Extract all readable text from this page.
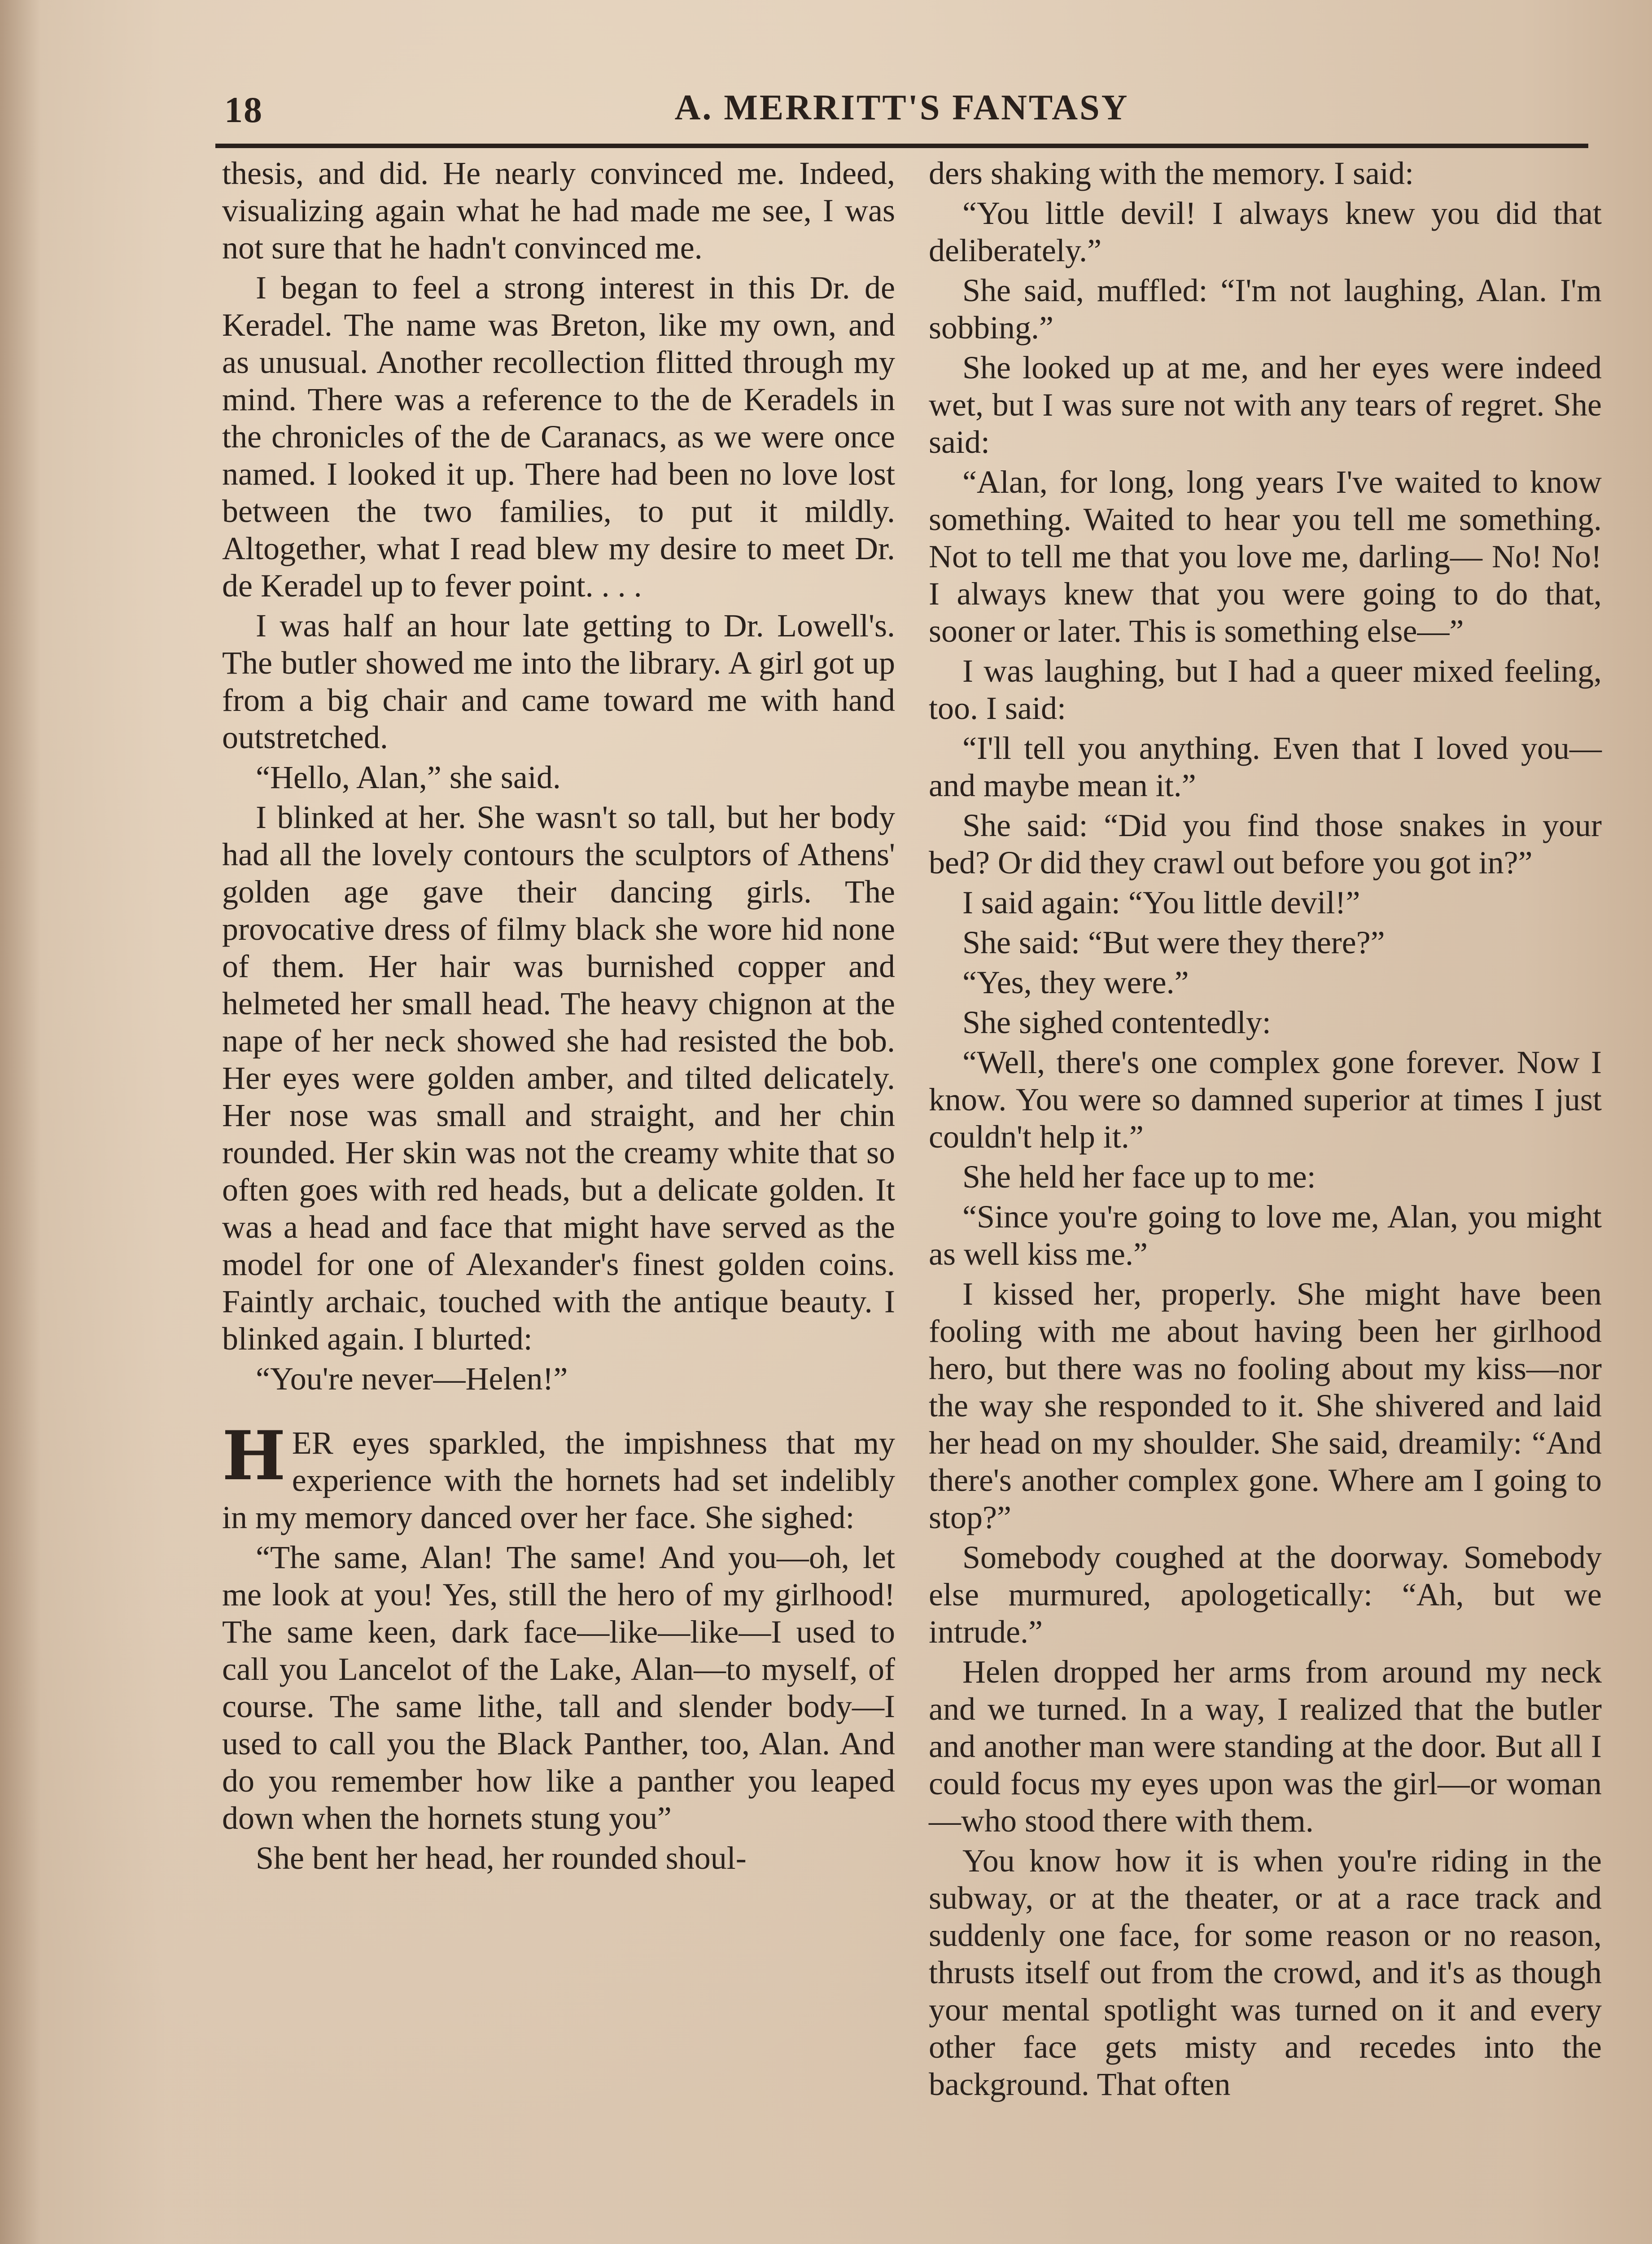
18	A. MERRITT'S FANTASY

thesis, and did. He nearly convinced me. Indeed, visualizing again what he had made me see, I was not sure that he hadn't convinced me.

I began to feel a strong interest in this Dr. de Keradel. The name was Breton, like my own, and as unusual. Another recollection flitted through my mind. There was a reference to the de Keradels in the chronicles of the de Caranacs, as we were once named. I looked it up. There had been no love lost between the two families, to put it mildly. Altogether, what I read blew my desire to meet Dr. de Keradel up to fever point. . . .

I was half an hour late getting to Dr. Lowell's. The butler showed me into the library. A girl got up from a big chair and came toward me with hand outstretched.

“Hello, Alan,” she said.

I blinked at her. She wasn't so tall, but her body had all the lovely contours the sculptors of Athens' golden age gave their dancing girls. The provocative dress of filmy black she wore hid none of them. Her hair was burnished copper and helmeted her small head. The heavy chignon at the nape of her neck showed she had resisted the bob. Her eyes were golden amber, and tilted delicately. Her nose was small and straight, and her chin rounded. Her skin was not the creamy white that so often goes with red heads, but a delicate golden. It was a head and face that might have served as the model for one of Alexander's finest golden coins. Faintly archaic, touched with the antique beauty. I blinked again. I blurted:

“You're never—Helen!”

HER eyes sparkled, the impishness that my experience with the hornets had set indelibly in my memory danced over her face. She sighed:

“The same, Alan! The same! And you—oh, let me look at you! Yes, still the hero of my girlhood! The same keen, dark face—like—like—I used to call you Lancelot of the Lake, Alan—to myself, of course. The same lithe, tall and slender body—I used to call you the Black Panther, too, Alan. And do you remember how like a panther you leaped down when the hornets stung you”

She bent her head, her rounded shoul-

ders shaking with the memory. I said:

“You little devil! I always knew you did that deliberately.”

She said, muffled: “I'm not laughing, Alan. I'm sobbing.”

She looked up at me, and her eyes were indeed wet, but I was sure not with any tears of regret. She said:

“Alan, for long, long years I've waited to know something. Waited to hear you tell me something. Not to tell me that you love me, darling— No! No! I always knew that you were going to do that, sooner or later. This is something else—”

I was laughing, but I had a queer mixed feeling, too. I said:

“I'll tell you anything. Even that I loved you—and maybe mean it.”

She said: “Did you find those snakes in your bed? Or did they crawl out before you got in?”

I said again: “You little devil!”

She said: “But were they there?”

“Yes, they were.”

She sighed contentedly:

“Well, there's one complex gone forever. Now I know. You were so damned superior at times I just couldn't help it.”

She held her face up to me:

“Since you're going to love me, Alan, you might as well kiss me.”

I kissed her, properly. She might have been fooling with me about having been her girlhood hero, but there was no fooling about my kiss—nor the way she responded to it. She shivered and laid her head on my shoulder. She said, dreamily: “And there's another complex gone. Where am I going to stop?”

Somebody coughed at the doorway. Somebody else murmured, apologetically: “Ah, but we intrude.”

Helen dropped her arms from around my neck and we turned. In a way, I realized that the butler and another man were standing at the door. But all I could focus my eyes upon was the girl—or woman—who stood there with them.

You know how it is when you're riding in the subway, or at the theater, or at a race track and suddenly one face, for some reason or no reason, thrusts itself out from the crowd, and it's as though your mental spotlight was turned on it and every other face gets misty and recedes into the background. That often
